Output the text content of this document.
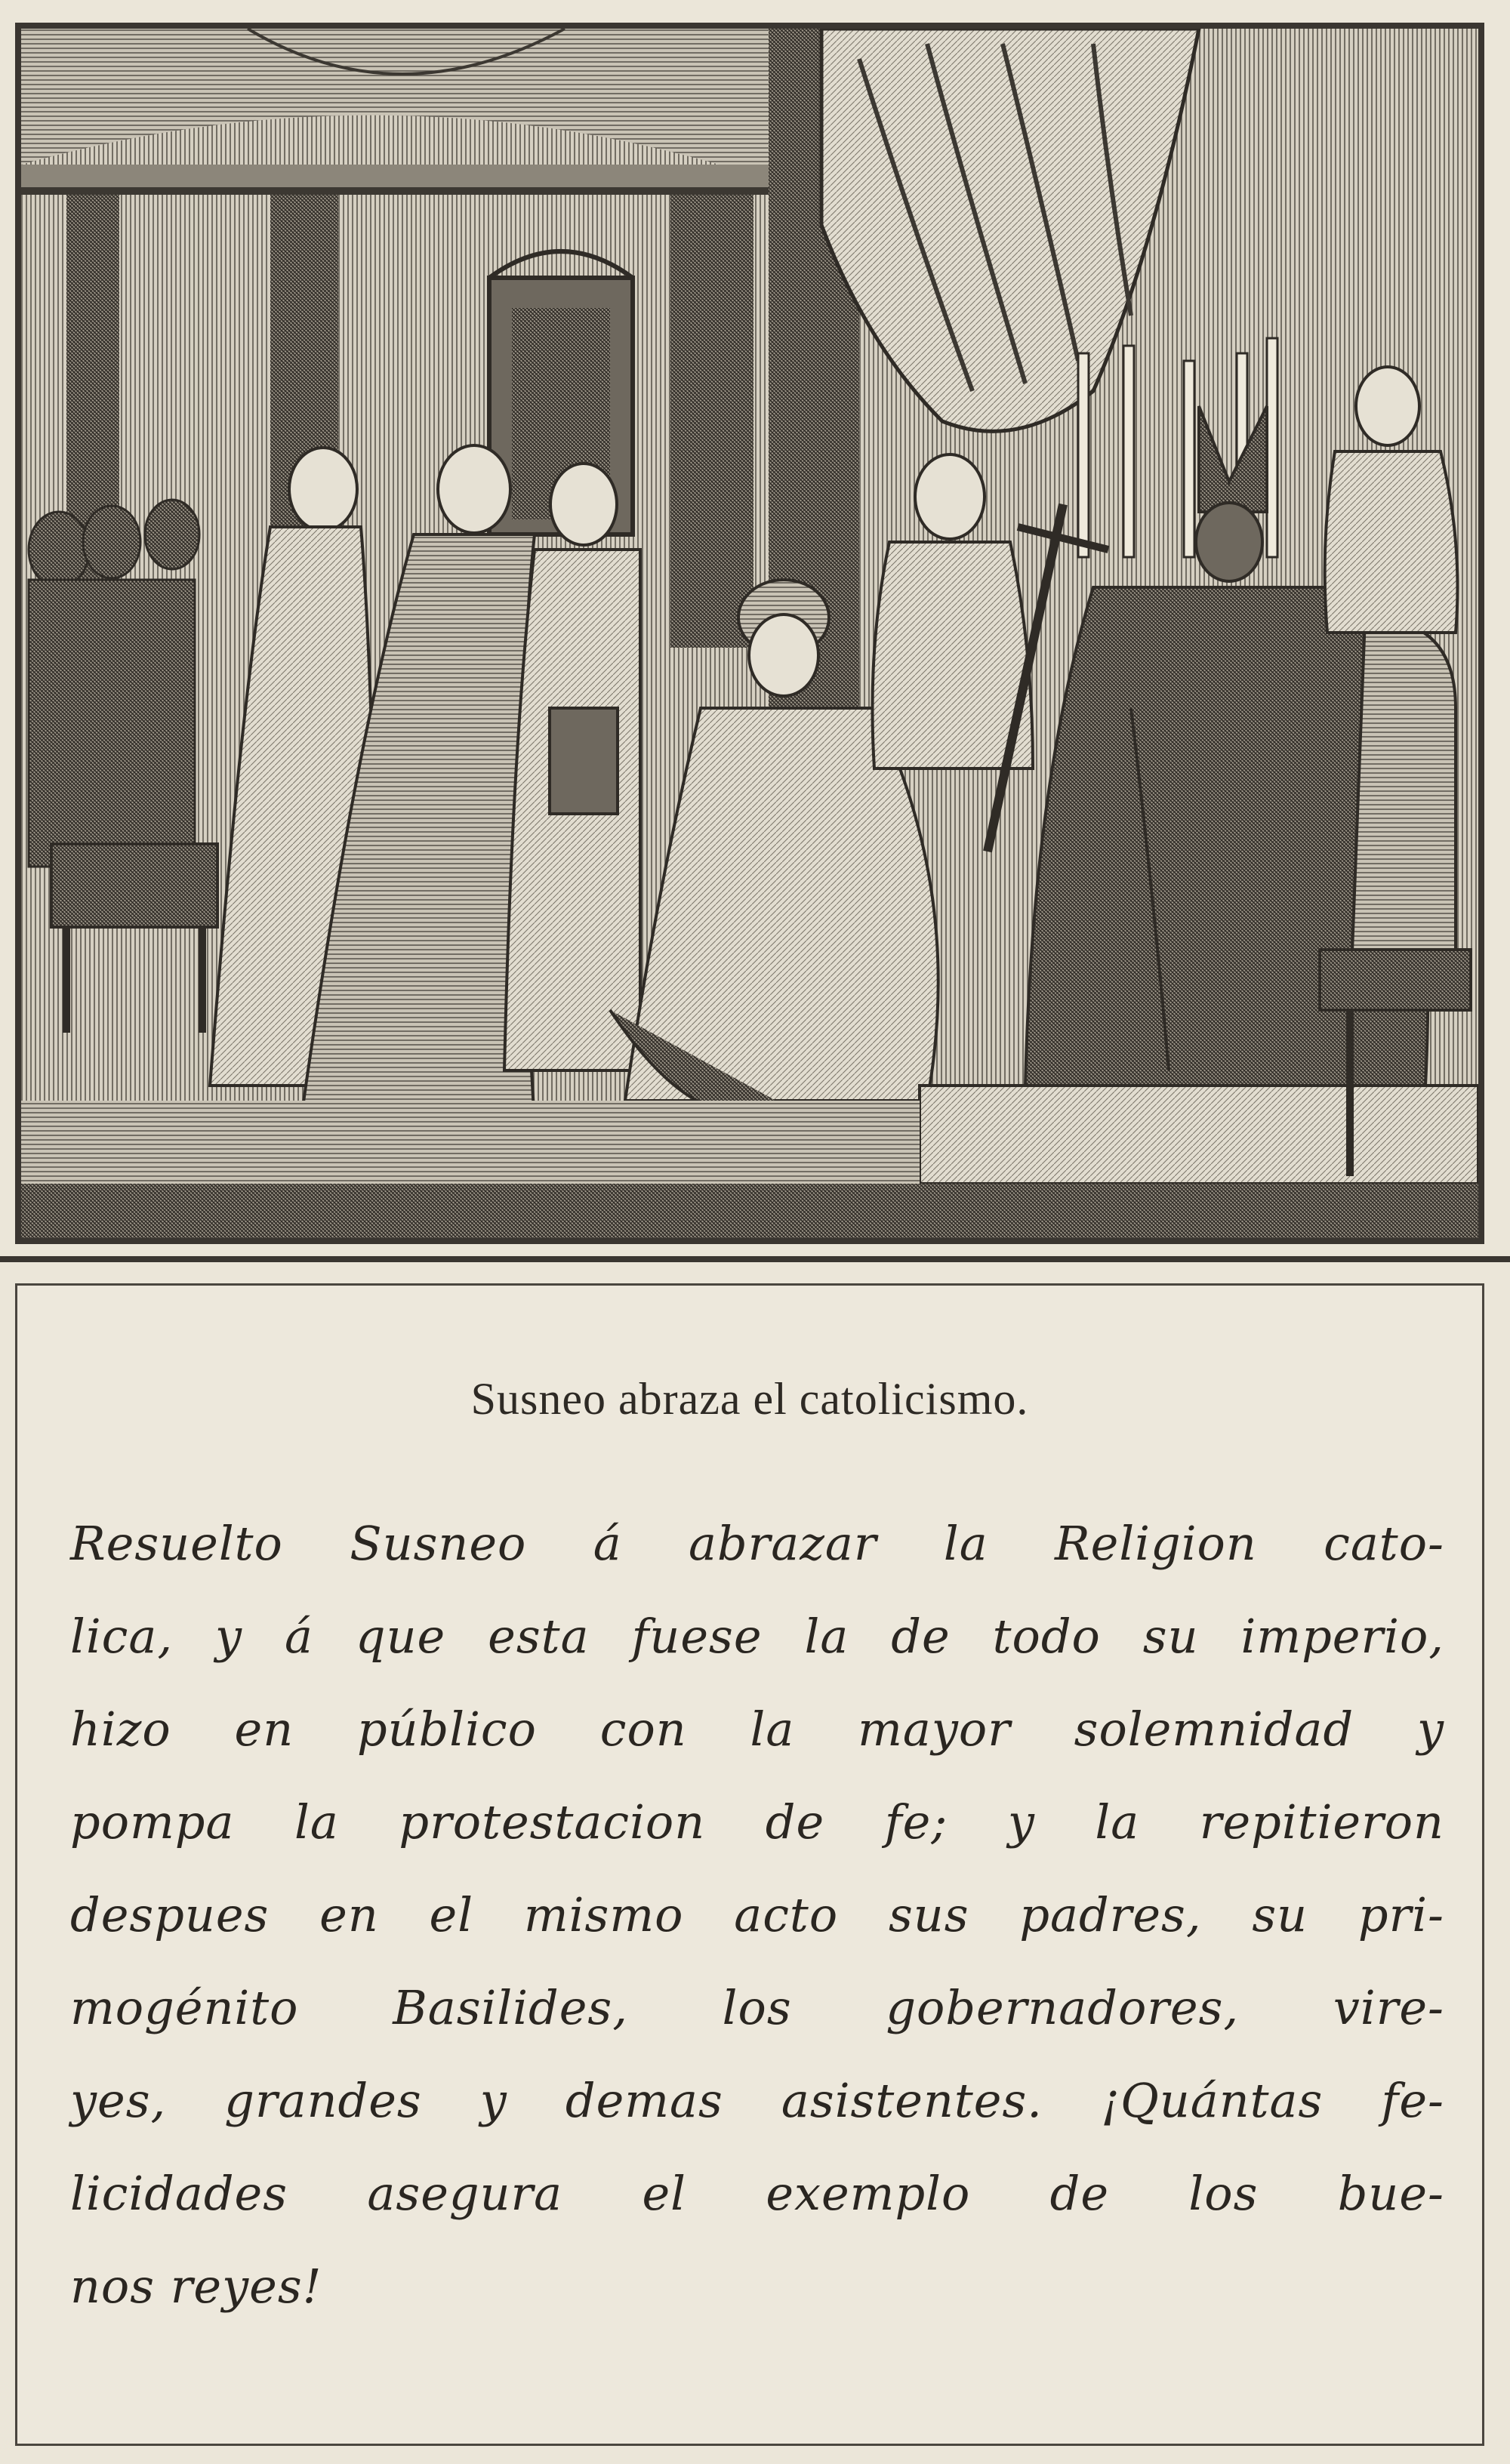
Susneo abraza el catolicismo.
Resuelto Susneo á abrazar la Religion cato-
lica, y á que esta fuese la de todo su imperio,
hizo en público con la mayor solemnidad y
pompa la protestacion de fe; y la repitieron
despues en el mismo acto sus padres, su pri-
mogénito Basilides, los gobernadores, vire-
yes, grandes y demas asistentes. ¡Quántas fe-
licidades asegura el exemplo de los bue-
nos reyes!
